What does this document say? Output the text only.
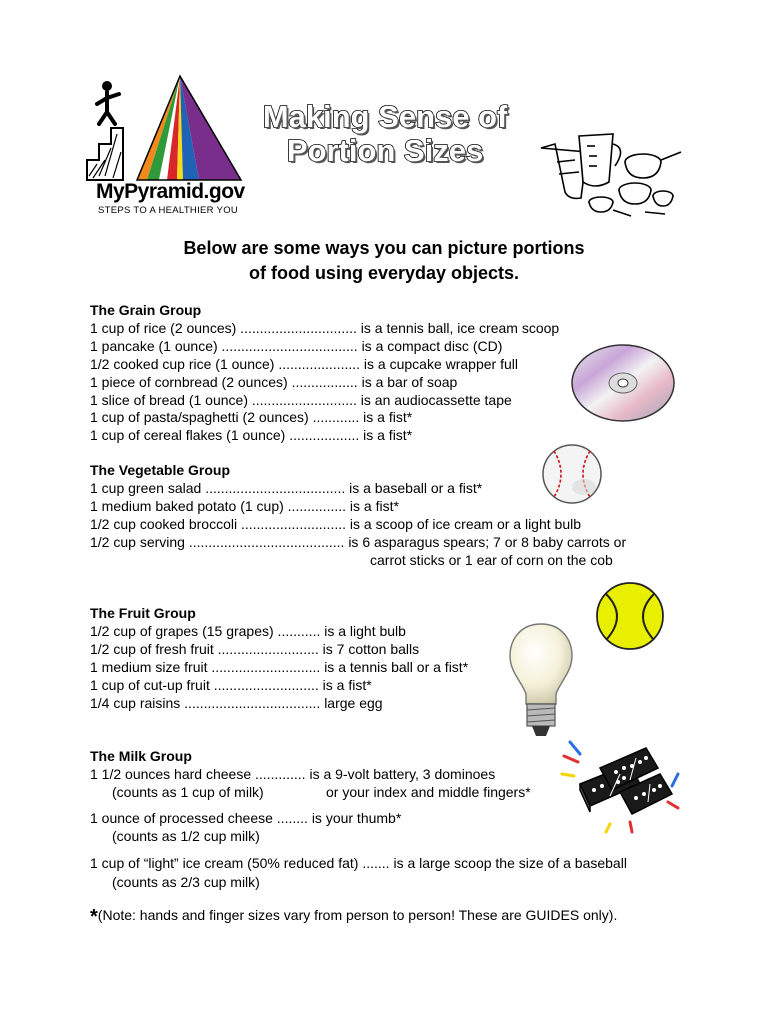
MyPyramid.gov
STEPS TO A HEALTHIER YOU
Making Sense of
Portion Sizes
Below are some ways you can picture portions
of food using everyday objects.
The Grain Group
1 cup of rice (2 ounces) .............................. is a tennis ball, ice cream scoop
1 pancake (1 ounce) ................................... is a compact disc (CD)
1/2 cooked cup rice (1 ounce) ..................... is a cupcake wrapper full
1 piece of cornbread (2 ounces) ................. is a bar of soap
1 slice of bread (1 ounce) ........................... is an audiocassette tape
1 cup of pasta/spaghetti (2 ounces) ............ is a fist*
1 cup of cereal flakes (1 ounce) .................. is a fist*
The Vegetable Group
1 cup green salad .................................... is a baseball or a fist*
1 medium baked potato (1 cup) ............... is a fist*
1/2 cup cooked broccoli ........................... is a scoop of ice cream or a light bulb
1/2 cup serving ........................................ is 6 asparagus spears; 7 or 8 baby carrots or
carrot sticks or 1 ear of corn on the cob
The Fruit Group
1/2 cup of grapes (15 grapes) ........... is a light bulb
1/2 cup of fresh fruit .......................... is 7 cotton balls
1 medium size fruit ............................ is a tennis ball or a fist*
1 cup of cut-up fruit ........................... is a fist*
1/4 cup raisins ................................... large egg
The Milk Group
1 1/2 ounces hard cheese ............. is a 9-volt battery, 3 dominoes
(counts as 1 cup of milk)	or your index and middle fingers*
1 ounce of processed cheese ........ is your thumb*
(counts as 1/2 cup milk)
1 cup of “light” ice cream (50% reduced fat) ....... is a large scoop the size of a baseball
(counts as 2/3 cup milk)
*(Note: hands and finger sizes vary from person to person! These are GUIDES only).
